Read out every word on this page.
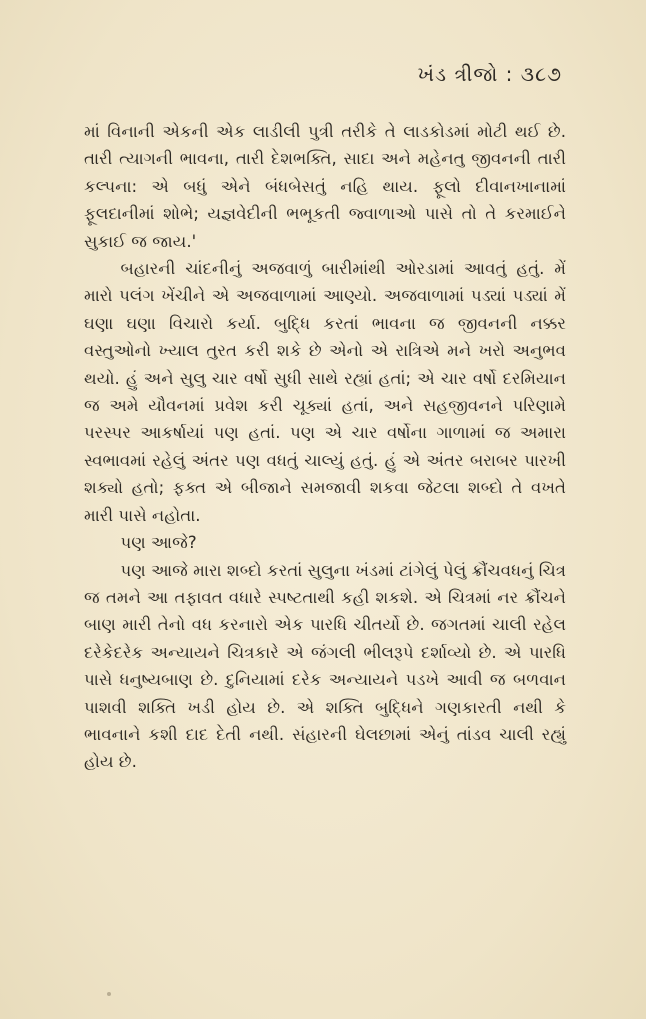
ખંડ ત્રીજો : ૩૮૭

માં વિનાની એકની એક લાડીલી પુત્રી તરીકે તે લાડકોડમાં મોટી થઈ છે. તારી ત્યાગની ભાવના, તારી દેશભક્તિ, સાદા અને મહેનતુ જીવનની તારી કલ્પના: એ બધું એને બંધબેસતું નહિ થાય. ફૂલો દીવાનખાનામાં ફૂલદાનીમાં શોભે; યજ્ઞવેદીની ભભૂકતી જ્વાળાઓ પાસે તો તે કરમાઈને સુકાઈ જ જાય.'

બહારની ચાંદનીનું અજવાળું બારીમાંથી ઓરડામાં આવતું હતું. મેં મારો પલંગ ખેંચીને એ અજવાળામાં આણ્યો. અજવાળામાં પડ્યાં પડ્યાં મેં ઘણા ઘણા વિચારો કર્યા. બુદ્ધિ કરતાં ભાવના જ જીવનની નક્કર વસ્તુઓનો ખ્યાલ તુરત કરી શકે છે એનો એ રાત્રિએ મને ખરો અનુભવ થયો. હું અને સુલુ ચાર વર્ષો સુધી સાથે રહ્યાં હતાં; એ ચાર વર્ષો દરમિયાન જ અમે યૌવનમાં પ્રવેશ કરી ચૂક્યાં હતાં, અને સહજીવનને પરિણામે પરસ્પર આકર્ષાયાં પણ હતાં. પણ એ ચાર વર્ષોના ગાળામાં જ અમારા સ્વભાવમાં રહેલું અંતર પણ વધતું ચાલ્યું હતું. હું એ અંતર બરાબર પારખી શક્યો હતો; ફક્ત એ બીજાને સમજાવી શકવા જેટલા શબ્દો તે વખતે મારી પાસે નહોતા.

પણ આજે?

પણ આજે મારા શબ્દો કરતાં સુલુના ખંડમાં ટાંગેલું પેલું ક્રૌંચવધનું ચિત્ર જ તમને આ તફાવત વધારે સ્પષ્ટતાથી કહી શકશે. એ ચિત્રમાં નર ક્રૌંચને બાણ મારી તેનો વધ કરનારો એક પારધિ ચીતર્યો છે. જગતમાં ચાલી રહેલ દરેકેદરેક અન્યાયને ચિત્રકારે એ જંગલી ભીલરૂપે દર્શાવ્યો છે. એ પારધિ પાસે ધનુષ્યબાણ છે. દુનિયામાં દરેક અન્યાયને પડખે આવી જ બળવાન પાશવી શક્તિ ખડી હોય છે. એ શક્તિ બુદ્ધિને ગણકારતી નથી કે ભાવનાને કશી દાદ દેતી નથી. સંહારની ઘેલછામાં એનું તાંડવ ચાલી રહ્યું હોય છે.
